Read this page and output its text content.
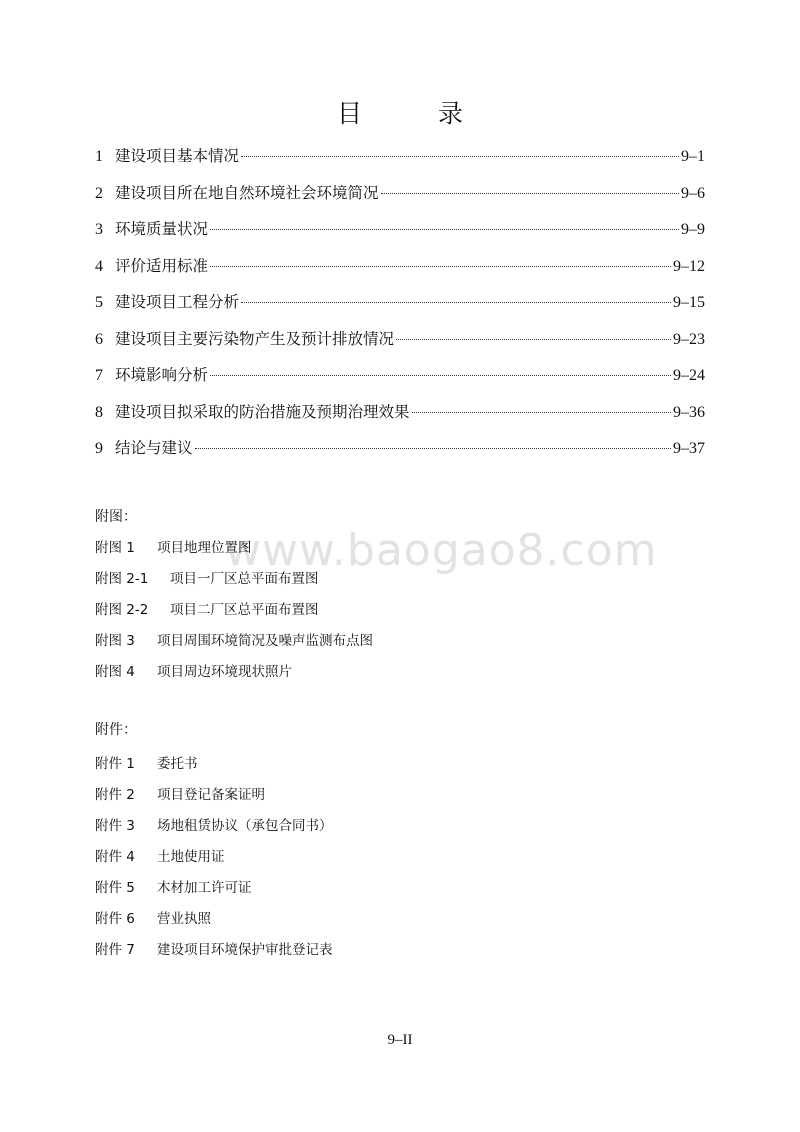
目 录
1 建设项目基本情况	9–1
2 建设项目所在地自然环境社会环境简况	9–6
3 环境质量状况	9–9
4 评价适用标准	9–12
5 建设项目工程分析	9–15
6 建设项目主要污染物产生及预计排放情况	9–23
7 环境影响分析	9–24
8 建设项目拟采取的防治措施及预期治理效果	9–36
9 结论与建议	9–37
www.baogao8.com
附图：
附图 1	项目地理位置图
附图 2-1	项目一厂区总平面布置图
附图 2-2	项目二厂区总平面布置图
附图 3	项目周围环境简况及噪声监测布点图
附图 4	项目周边环境现状照片
附件：
附件 1	委托书
附件 2	项目登记备案证明
附件 3	场地租赁协议（承包合同书）
附件 4	土地使用证
附件 5	木材加工许可证
附件 6	营业执照
附件 7	建设项目环境保护审批登记表
9–II
